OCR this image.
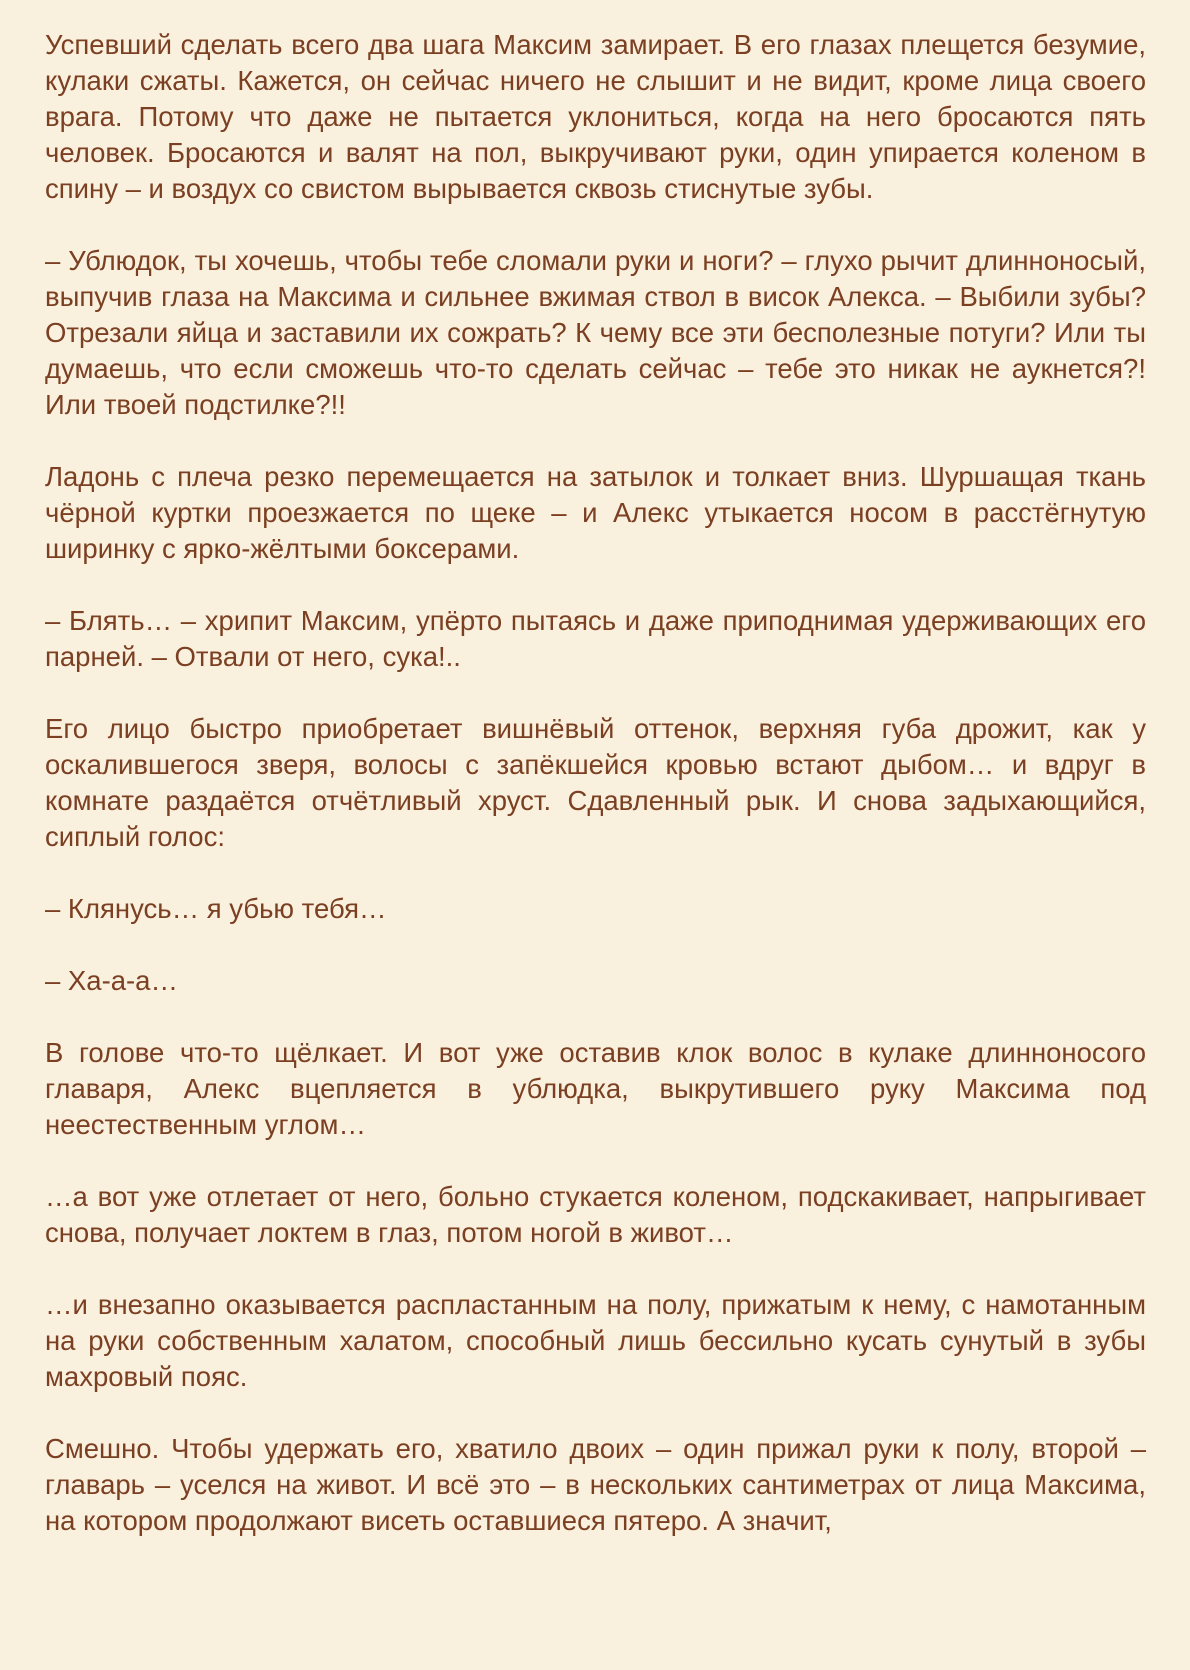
Успевший сделать всего два шага Максим замирает. В его глазах плещется безумие, кулаки сжаты. Кажется, он сейчас ничего не слышит и не видит, кроме лица своего врага. Потому что даже не пытается уклониться, когда на него бросаются пять человек. Бросаются и валят на пол, выкручивают руки, один упирается коленом в спину – и воздух со свистом вырывается сквозь стиснутые зубы.

– Ублюдок, ты хочешь, чтобы тебе сломали руки и ноги? – глухо рычит длинноносый, выпучив глаза на Максима и сильнее вжимая ствол в висок Алекса. – Выбили зубы? Отрезали яйца и заставили их сожрать? К чему все эти бесполезные потуги? Или ты думаешь, что если сможешь что-то сделать сейчас – тебе это никак не аукнется?! Или твоей подстилке?!!

Ладонь с плеча резко перемещается на затылок и толкает вниз. Шуршащая ткань чёрной куртки проезжается по щеке – и Алекс утыкается носом в расстёгнутую ширинку с ярко-жёлтыми боксерами.

– Блять… – хрипит Максим, упёрто пытаясь и даже приподнимая удерживающих его парней. – Отвали от него, сука!..

Его лицо быстро приобретает вишнёвый оттенок, верхняя губа дрожит, как у оскалившегося зверя, волосы с запёкшейся кровью встают дыбом… и вдруг в комнате раздаётся отчётливый хруст. Сдавленный рык. И снова задыхающийся, сиплый голос:

– Клянусь… я убью тебя…

– Ха-а-а…

В голове что-то щёлкает. И вот уже оставив клок волос в кулаке длинноносого главаря, Алекс вцепляется в ублюдка, выкрутившего руку Максима под неестественным углом…

…а вот уже отлетает от него, больно стукается коленом, подскакивает, напрыгивает снова, получает локтем в глаз, потом ногой в живот…

…и внезапно оказывается распластанным на полу, прижатым к нему, с намотанным на руки собственным халатом, способный лишь бессильно кусать сунутый в зубы махровый пояс.

Смешно. Чтобы удержать его, хватило двоих – один прижал руки к полу, второй – главарь – уселся на живот. И всё это – в нескольких сантиметрах от лица Максима, на котором продолжают висеть оставшиеся пятеро. А значит,
